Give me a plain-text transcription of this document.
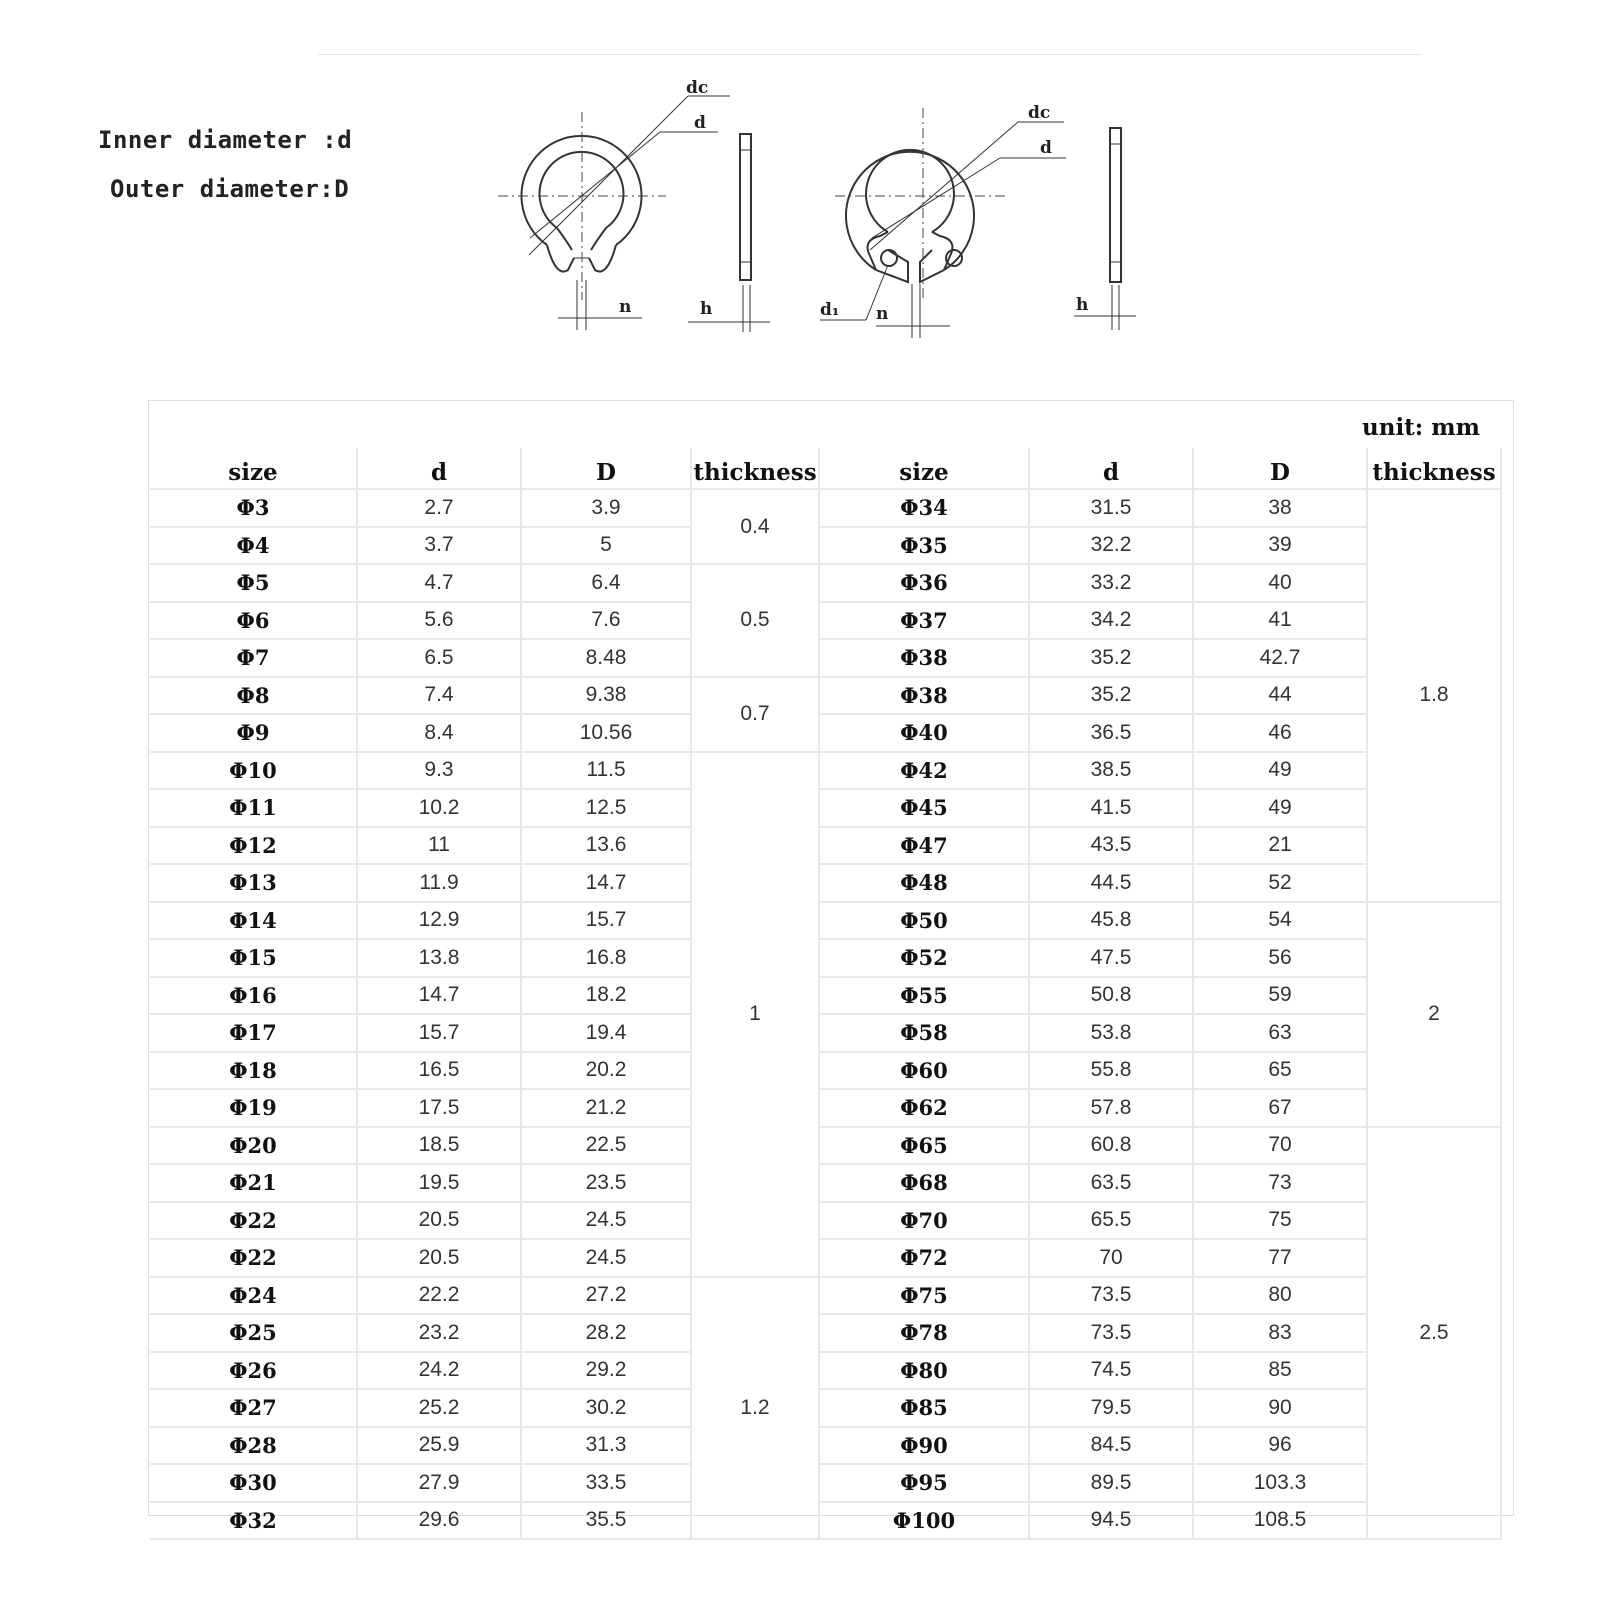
Inner diameter :d
Outer diameter:D
dc
d
n	h
dc
d
d₁ n	h
unit: mm
size	d	D	thickness	size	d	D	thickness
Φ3	2.7	3.9	0.4	Φ34	31.5	38	1.8
Φ4	3.7	5		Φ35	32.2	39	
Φ5	4.7	6.4	0.5	Φ36	33.2	40	
Φ6	5.6	7.6		Φ37	34.2	41	
Φ7	6.5	8.48		Φ38	35.2	42.7	
Φ8	7.4	9.38	0.7	Φ38	35.2	44	
Φ9	8.4	10.56		Φ40	36.5	46	
Φ10	9.3	11.5	1	Φ42	38.5	49	
Φ11	10.2	12.5		Φ45	41.5	49	
Φ12	11	13.6		Φ47	43.5	21	
Φ13	11.9	14.7		Φ48	44.5	52	
Φ14	12.9	15.7		Φ50	45.8	54	2
Φ15	13.8	16.8		Φ52	47.5	56	
Φ16	14.7	18.2		Φ55	50.8	59	
Φ17	15.7	19.4		Φ58	53.8	63	
Φ18	16.5	20.2		Φ60	55.8	65	
Φ19	17.5	21.2		Φ62	57.8	67	
Φ20	18.5	22.5		Φ65	60.8	70	2.5
Φ21	19.5	23.5		Φ68	63.5	73	
Φ22	20.5	24.5		Φ70	65.5	75	
Φ22	20.5	24.5		Φ72	70	77	
Φ24	22.2	27.2	1.2	Φ75	73.5	80	
Φ25	23.2	28.2		Φ78	73.5	83	
Φ26	24.2	29.2		Φ80	74.5	85	
Φ27	25.2	30.2		Φ85	79.5	90	
Φ28	25.9	31.3		Φ90	84.5	96	
Φ30	27.9	33.5		Φ95	89.5	103.3	
Φ32	29.6	35.5		Φ100	94.5	108.5	
